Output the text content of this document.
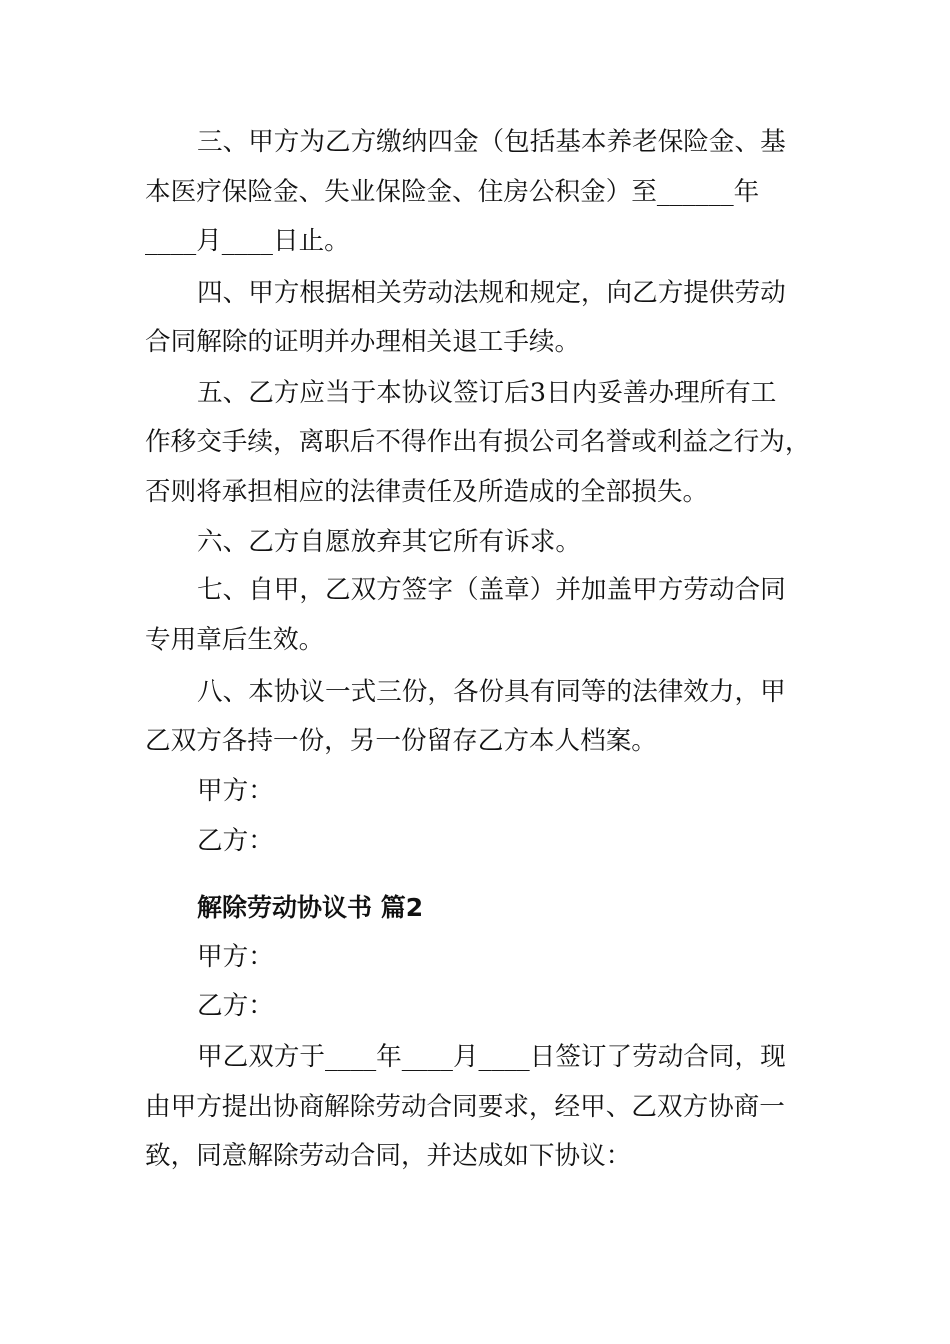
三、甲方为乙方缴纳四金（包括基本养老保险金、基
本医疗保险金、失业保险金、住房公积金）至______年
____月____日止。
四、甲方根据相关劳动法规和规定，向乙方提供劳动
合同解除的证明并办理相关退工手续。
五、乙方应当于本协议签订后3日内妥善办理所有工
作移交手续，离职后不得作出有损公司名誉或利益之行为，
否则将承担相应的法律责任及所造成的全部损失。
六、乙方自愿放弃其它所有诉求。
七、自甲，乙双方签字（盖章）并加盖甲方劳动合同
专用章后生效。
八、本协议一式三份，各份具有同等的法律效力，甲
乙双方各持一份，另一份留存乙方本人档案。
甲方：
乙方：
解除劳动协议书 篇2
甲方：
乙方：
甲乙双方于____年____月____日签订了劳动合同，现
由甲方提出协商解除劳动合同要求，经甲、乙双方协商一
致，同意解除劳动合同，并达成如下协议：
